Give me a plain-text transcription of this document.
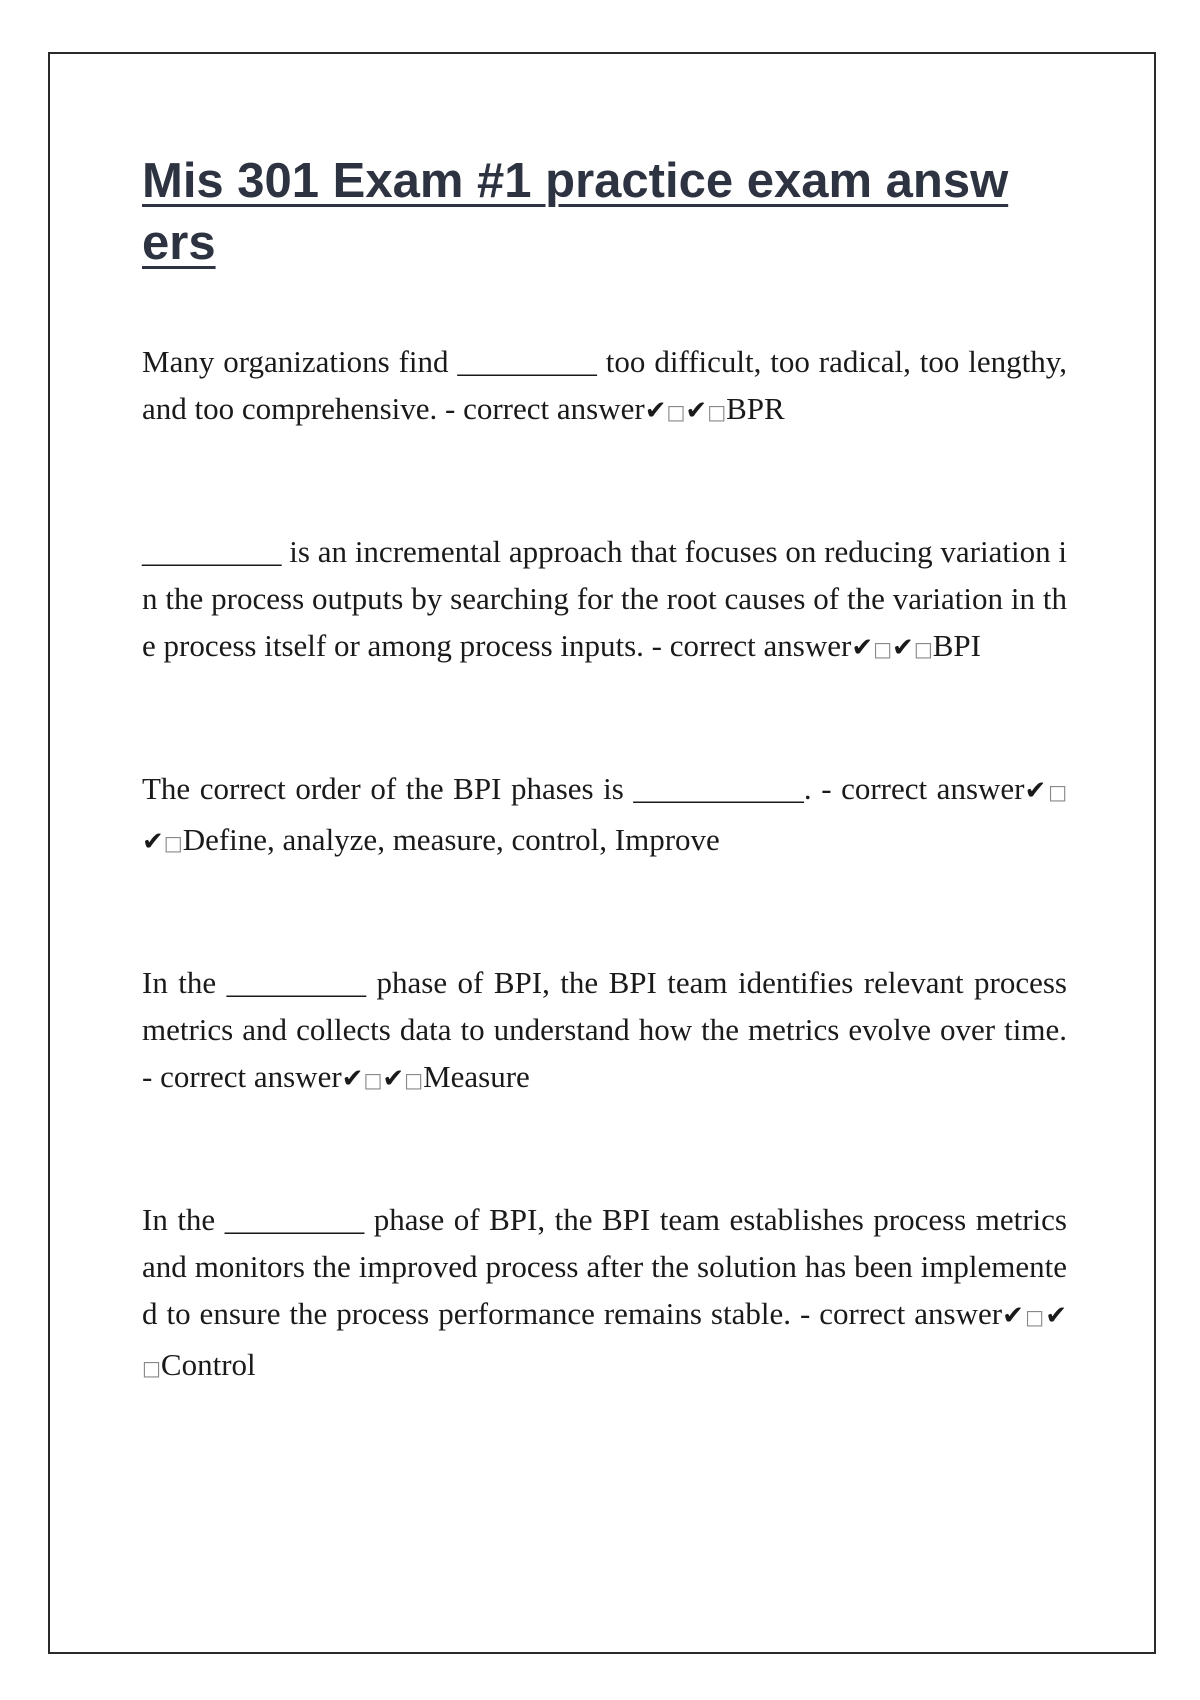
Mis 301 Exam #1 practice exam answers

Many organizations find _________ too difficult, too radical, too lengthy, and too comprehensive. - correct answer✔□✔□BPR

_________ is an incremental approach that focuses on reducing variation in the process outputs by searching for the root causes of the variation in the process itself or among process inputs. - correct answer✔□✔□BPI

The correct order of the BPI phases is ___________. - correct answer✔□✔□Define, analyze, measure, control, Improve

In the _________ phase of BPI, the BPI team identifies relevant process metrics and collects data to understand how the metrics evolve over time. - correct answer✔□✔□Measure

In the _________ phase of BPI, the BPI team establishes process metrics and monitors the improved process after the solution has been implemented to ensure the process performance remains stable. - correct answer✔□✔□Control
